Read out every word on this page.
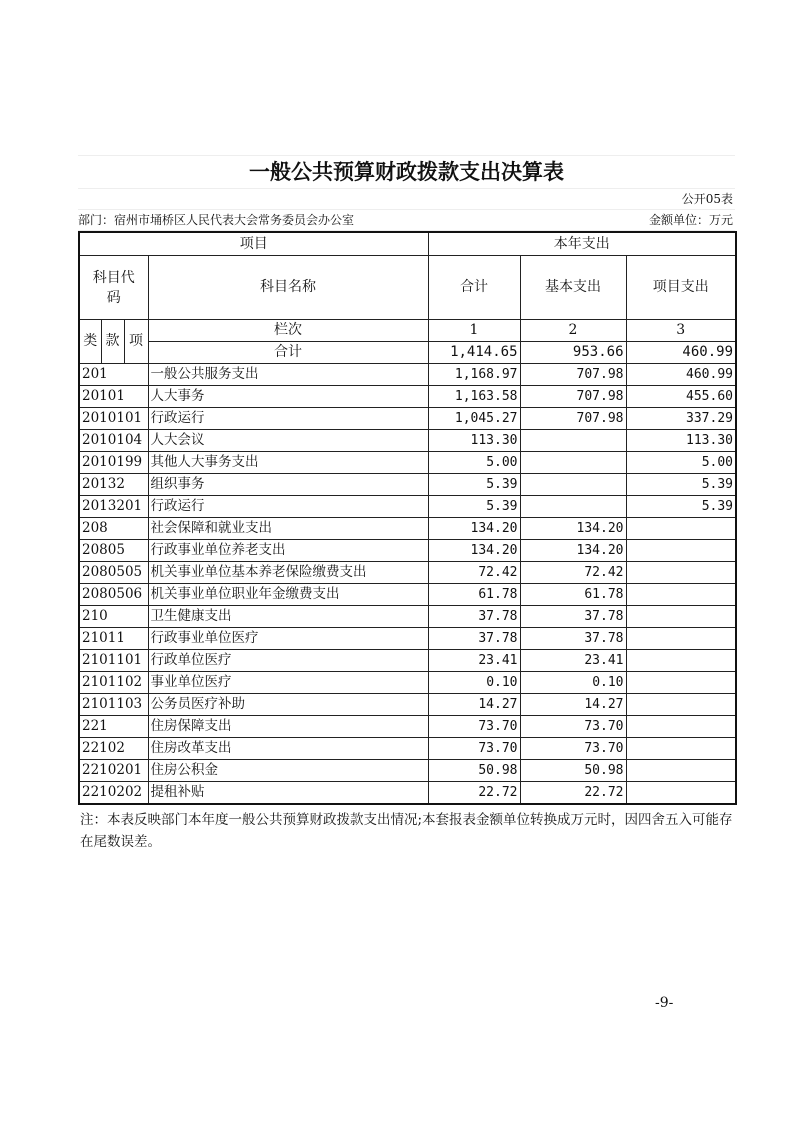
一般公共预算财政拨款支出决算表
公开05表
部门：宿州市埇桥区人民代表大会常务委员会办公室	金额单位：万元
项目				本年支出		
科目代码			科目名称	合计	基本支出	项目支出
类	款	项	栏次	1	2	3
			合计	1,414.65	953.66	460.99
201			一般公共服务支出	1,168.97	707.98	460.99
20101			人大事务	1,163.58	707.98	455.60
2010101			行政运行	1,045.27	707.98	337.29
2010104			人大会议	113.30		113.30
2010199			其他人大事务支出	5.00		5.00
20132			组织事务	5.39		5.39
2013201			行政运行	5.39		5.39
208			社会保障和就业支出	134.20	134.20	
20805			行政事业单位养老支出	134.20	134.20	
2080505			机关事业单位基本养老保险缴费支出	72.42	72.42	
2080506			机关事业单位职业年金缴费支出	61.78	61.78	
210			卫生健康支出	37.78	37.78	
21011			行政事业单位医疗	37.78	37.78	
2101101			行政单位医疗	23.41	23.41	
2101102			事业单位医疗	0.10	0.10	
2101103			公务员医疗补助	14.27	14.27	
221			住房保障支出	73.70	73.70	
22102			住房改革支出	73.70	73.70	
2210201			住房公积金	50.98	50.98	
2210202			提租补贴	22.72	22.72	
注：本表反映部门本年度一般公共预算财政拨款支出情况;本套报表金额单位转换成万元时，因四舍五入可能存在尾数误差。
-9-
